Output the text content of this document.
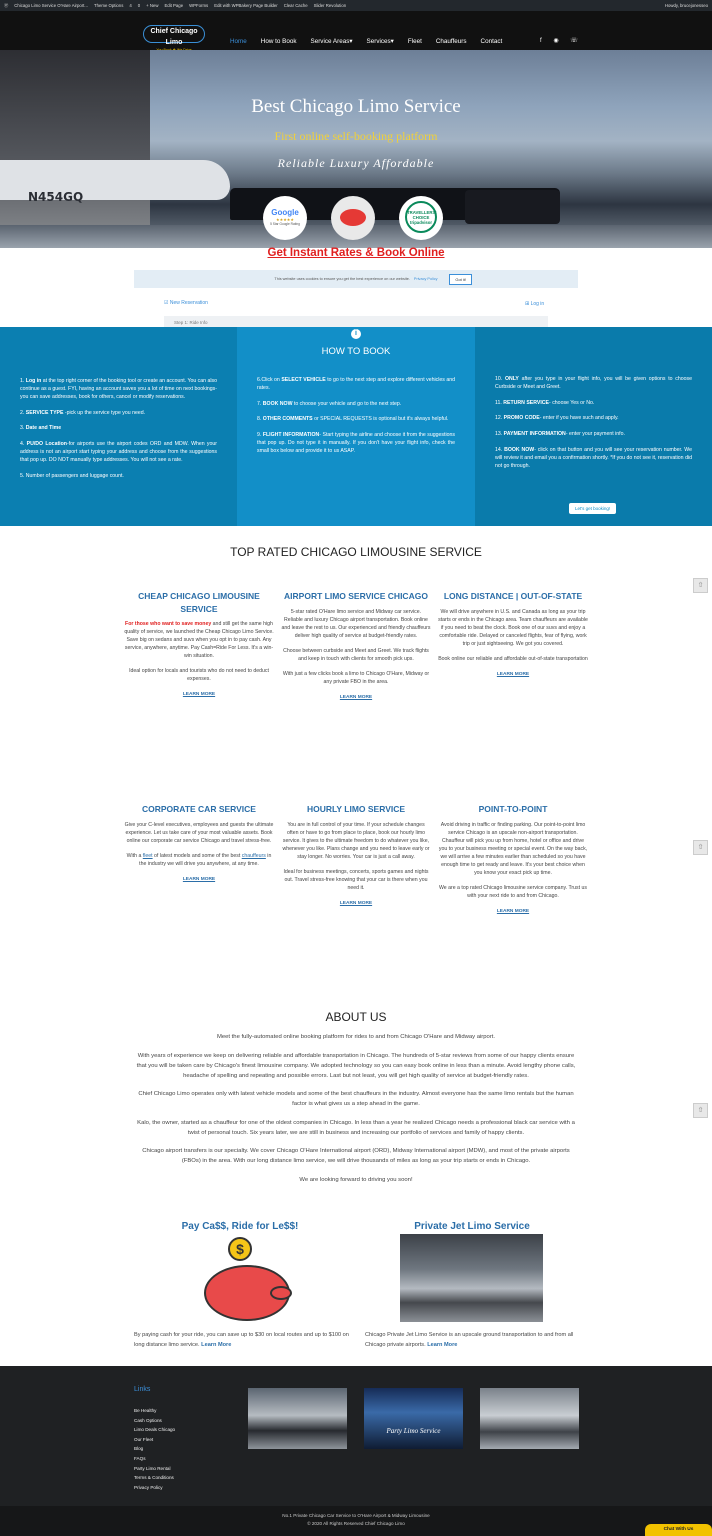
Ⓦ Chicago Limo Service O'Hare Airport... Theme Options 4 0 + New Edit Page WPForms Edit with WPBakery Page Builder Clear Cache Slider Revolution	Howdy, brucejonesseo
Chief Chicago Limo	Home How to Book Service Areas▾ Services▾ Fleet Chauffeurs Contact	f ◉ ☏
N454GQ
Best Chicago Limo Service
First online self-booking platform
Reliable Luxury Affordable
Google
★★★★★
5 Star Google Rating
TRAVELLERS'
CHOICE
tripadvisor
Get Instant Rates & Book Online
This website uses cookies to ensure you get the best experience on our website. Privacy Policy	Got it!
☑ New Reservation	⊞ Log in
Step 1: Ride Info

1. Log in at the top right corner of the booking tool or create an account. You can also continue as a guest. FYI, having an account saves you a lot of time on next bookings- you can save addresses, book for others, cancel or modify reservations.

2. SERVICE TYPE -pick up the service type you need.

3. Date and Time

4. PU/DO Location-for airports use the airport codes ORD and MDW. When your address is not an airport start typing your address and choose from the suggestions that pop up. DO NOT manually type addresses. You will not see a rate.

5. Number of passengers and luggage count.

6.Click on SELECT VEHICLE to go to the next step and explore different vehicles and rates.

7. BOOK NOW to choose your vehicle and go to the next step.

8. OTHER COMMENTS or SPECIAL REQUESTS is optional but it's always helpful.

9. FLIGHT INFORMATION- Start typing the airline and choose it from the suggestions that pop up. Do not type it in manually. If you don't have your flight info, check the small box below and provide it to us ASAP.

10. ONLY after you type in your flight info, you will be given options to choose Curbside or Meet and Greet.

11. RETURN SERVICE- choose Yes or No.

12. PROMO CODE- enter if you have such and apply.

13. PAYMENT INFORMATION- enter your payment info.

14. BOOK NOW- click on that button and you will see your reservation number. We will review it and email you a confirmation shortly. *If you do not see it, reservation did not go through.

i
HOW TO BOOK
Let's get booking!
TOP RATED CHICAGO LIMOUSINE SERVICE
CHEAP CHICAGO LIMOUSINE SERVICE

For those who want to save money and still get the same high quality of service, we launched the Cheap Chicago Limo Service. Save big on sedans and suvs when you opt in to pay cash. Any service, anywhere, anytime. Pay Cash=Ride For Less. It's a win-win situation.

Ideal option for locals and tourists who do not need to deduct expenses.

LEARN MORE

AIRPORT LIMO SERVICE CHICAGO

5-star rated O'Hare limo service and Midway car service. Reliable and luxury Chicago airport transportation. Book online and leave the rest to us. Our experienced and friendly chauffeurs deliver high quality of service at budget-friendly rates.

Choose between curbside and Meet and Greet. We track flights and keep in touch with clients for smooth pick ups.

With just a few clicks book a limo to Chicago O'Hare, Midway or any private FBO in the area.

LEARN MORE

LONG DISTANCE | OUT-OF-STATE

We will drive anywhere in U.S. and Canada as long as your trip starts or ends in the Chicago area. Team chauffeurs are available if you need to beat the clock. Book one of our suvs and enjoy a comfortable ride. Delayed or canceled flights, fear of flying, work trip or just sightseeing. We got you covered.

Book online our reliable and affordable out-of-state transportation

LEARN MORE

CORPORATE CAR SERVICE

Give your C-level executives, employees and guests the ultimate experience. Let us take care of your most valuable assets. Book online our corporate car service Chicago and travel stress-free.

With a fleet of latest models and some of the best chauffeurs in the industry we will drive you anywhere, at any time.

LEARN MORE

HOURLY LIMO SERVICE

You are in full control of your time. If your schedule changes often or have to go from place to place, book our hourly limo service. It gives to the ultimate freedom to do whatever you like, whenever you like. Plans change and you need to leave early or stay longer. No worries. Your car is just a call away.

Ideal for business meetings, concerts, sports games and nights out. Travel stress-free knowing that your car is there when you need it.

LEARN MORE

POINT-TO-POINT

Avoid driving in traffic or finding parking. Our point-to-point limo service Chicago is an upscale non-airport transportation. Chauffeur will pick you up from home, hotel or office and drive you to your business meeting or special event. On the way back, we will arrive a few minutes earlier than scheduled so you have enough time to get ready and leave. It's your best choice when you know your exact pick up time.

We are a top rated Chicago limousine service company. Trust us with your next ride to and from Chicago.

LEARN MORE

⇧
⇧
⇧
ABOUT US

Meet the fully-automated online booking platform for rides to and from Chicago O'Hare and Midway airport.

With years of experience we keep on delivering reliable and affordable transportation in Chicago. The hundreds of 5-star reviews from some of our happy clients ensure that you will be taken care by Chicago's finest limousine company. We adopted technology so you can easy book online in less than a minute. Avoid lengthy phone calls, headache of spelling and repeating and possible errors. Last but not least, you will get high quality of service at budget-friendly rates.

Chief Chicago Limo operates only with latest vehicle models and some of the best chauffeurs in the industry. Almost everyone has the same limo rentals but the human factor is what gives us a step ahead in the game.

Kalo, the owner, started as a chauffeur for one of the oldest companies in Chicago. In less than a year he realized Chicago needs a professional black car service with a twist of personal touch. Six years later, we are still in business and increasing our portfolio of services and family of happy clients.

Chicago airport transfers is our specialty. We cover Chicago O'Hare International airport (ORD), Midway International airport (MDW), and most of the private airports (FBOs) in the area. With our long distance limo service, we will drive thousands of miles as long as your trip starts or ends in Chicago.

We are looking forward to driving you soon!

Pay Ca$$, Ride for Le$$!	Private Jet Limo Service
$
By paying cash for your ride, you can save up to $30 on local routes and up to $100 on long distance limo service. Learn More
Chicago Private Jet Limo Service is an upscale ground transportation to and from all Chicago private airports. Learn More
Links
Be Healthy
Cash Options
Limo Deals Chicago
Our Fleet
Blog
FAQs
Party Limo Rental
Terms & Conditions
Privacy Policy
Party Limo Service
No.1 Private Chicago Car Service to O'Hare Airport & Midway Limousine
© 2020 All Rights Reserved Chief Chicago Limo
Chat With Us
